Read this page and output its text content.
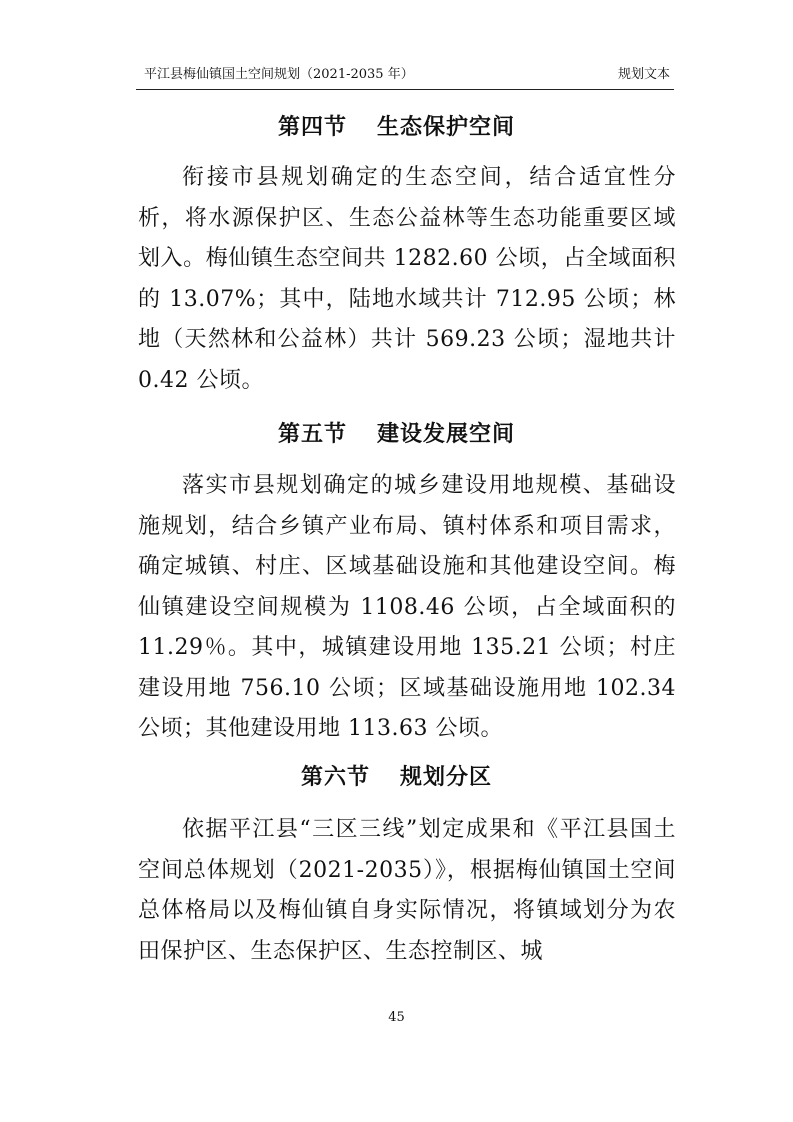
平江县梅仙镇国土空间规划（2021-2035 年）	规划文本
第四节 生态保护空间

衔接市县规划确定的生态空间，结合适宜性分析，将水源保护区、生态公益林等生态功能重要区域划入。梅仙镇生态空间共 1282.60 公顷，占全域面积的 13.07%；其中，陆地水域共计 712.95 公顷；林地（天然林和公益林）共计 569.23 公顷；湿地共计 0.42 公顷。

第五节 建设发展空间

落实市县规划确定的城乡建设用地规模、基础设施规划，结合乡镇产业布局、镇村体系和项目需求，确定城镇、村庄、区域基础设施和其他建设空间。梅仙镇建设空间规模为 1108.46 公顷，占全域面积的 11.29％。其中，城镇建设用地 135.21 公顷；村庄建设用地 756.10 公顷；区域基础设施用地 102.34 公顷；其他建设用地 113.63 公顷。

第六节 规划分区

依据平江县“三区三线”划定成果和《平江县国土空间总体规划（2021-2035）》，根据梅仙镇国土空间总体格局以及梅仙镇自身实际情况，将镇域划分为农田保护区、生态保护区、生态控制区、城

45
